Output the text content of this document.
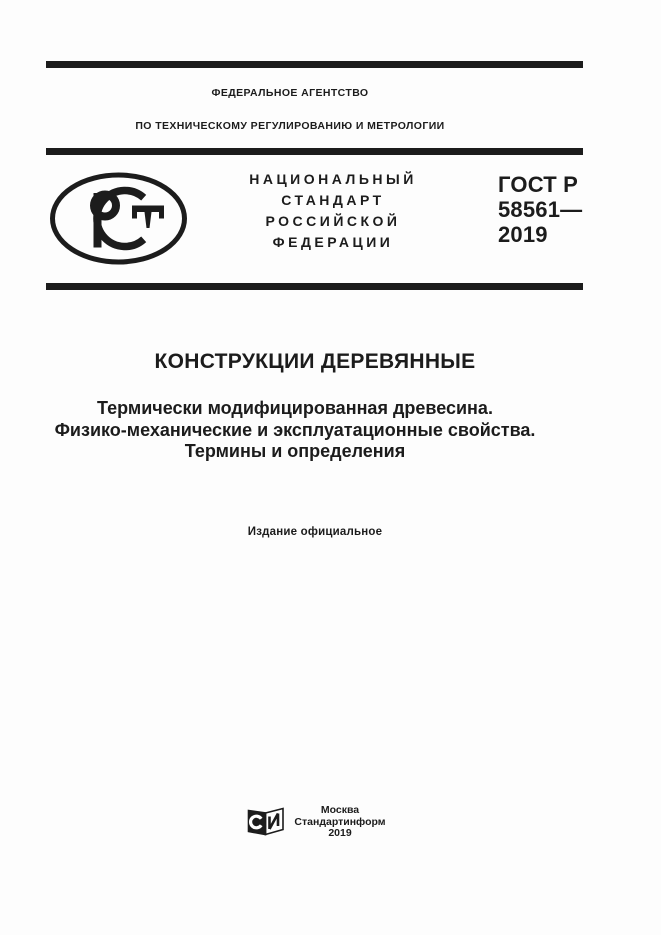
ФЕДЕРАЛЬНОЕ АГЕНТСТВО
ПО ТЕХНИЧЕСКОМУ РЕГУЛИРОВАНИЮ И МЕТРОЛОГИИ
НАЦИОНАЛЬНЫЙ
СТАНДАРТ
РОССИЙСКОЙ
ФЕДЕРАЦИИ
ГОСТ Р
58561—
2019
КОНСТРУКЦИИ ДЕРЕВЯННЫЕ
Термически модифицированная древесина.
Физико-механические и эксплуатационные свойства.
Термины и определения
Издание официальное
Москва
Стандартинформ
2019
